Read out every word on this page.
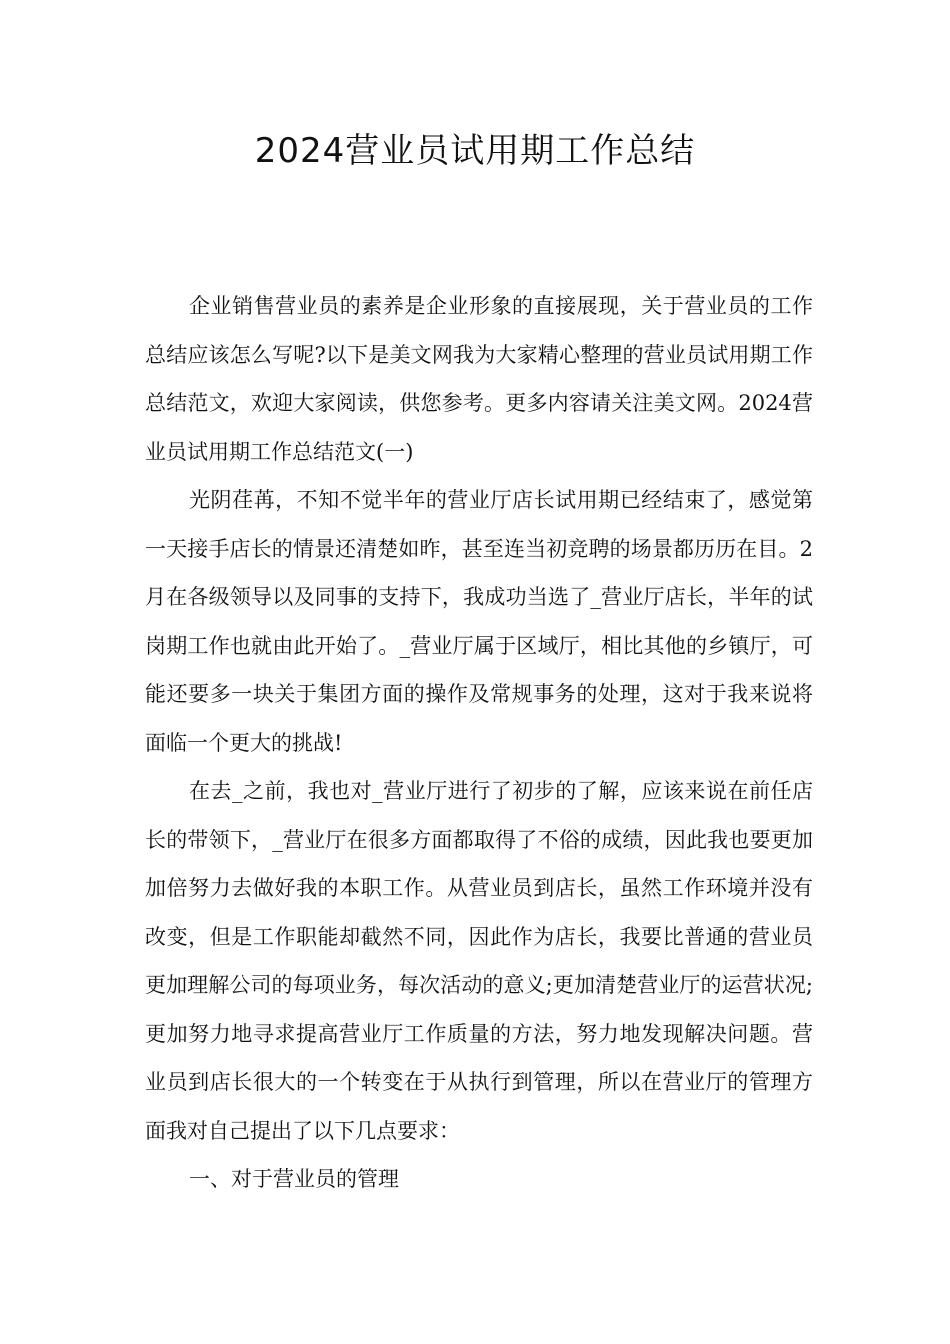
2024营业员试用期工作总结

企业销售营业员的素养是企业形象的直接展现，关于营业员的工作总结应该怎么写呢?以下是美文网我为大家精心整理的营业员试用期工作总结范文，欢迎大家阅读，供您参考。更多内容请关注美文网。2024营业员试用期工作总结范文(一)

光阴荏苒，不知不觉半年的营业厅店长试用期已经结束了，感觉第一天接手店长的情景还清楚如昨，甚至连当初竞聘的场景都历历在目。2月在各级领导以及同事的支持下，我成功当选了_营业厅店长，半年的试岗期工作也就由此开始了。_营业厅属于区域厅，相比其他的乡镇厅，可能还要多一块关于集团方面的操作及常规事务的处理，这对于我来说将面临一个更大的挑战!

在去_之前，我也对_营业厅进行了初步的了解，应该来说在前任店长的带领下，_营业厅在很多方面都取得了不俗的成绩，因此我也要更加加倍努力去做好我的本职工作。从营业员到店长，虽然工作环境并没有改变，但是工作职能却截然不同，因此作为店长，我要比普通的营业员更加理解公司的每项业务，每次活动的意义;更加清楚营业厅的运营状况;更加努力地寻求提高营业厅工作质量的方法，努力地发现解决问题。营业员到店长很大的一个转变在于从执行到管理，所以在营业厅的管理方面我对自己提出了以下几点要求：

一、对于营业员的管理
